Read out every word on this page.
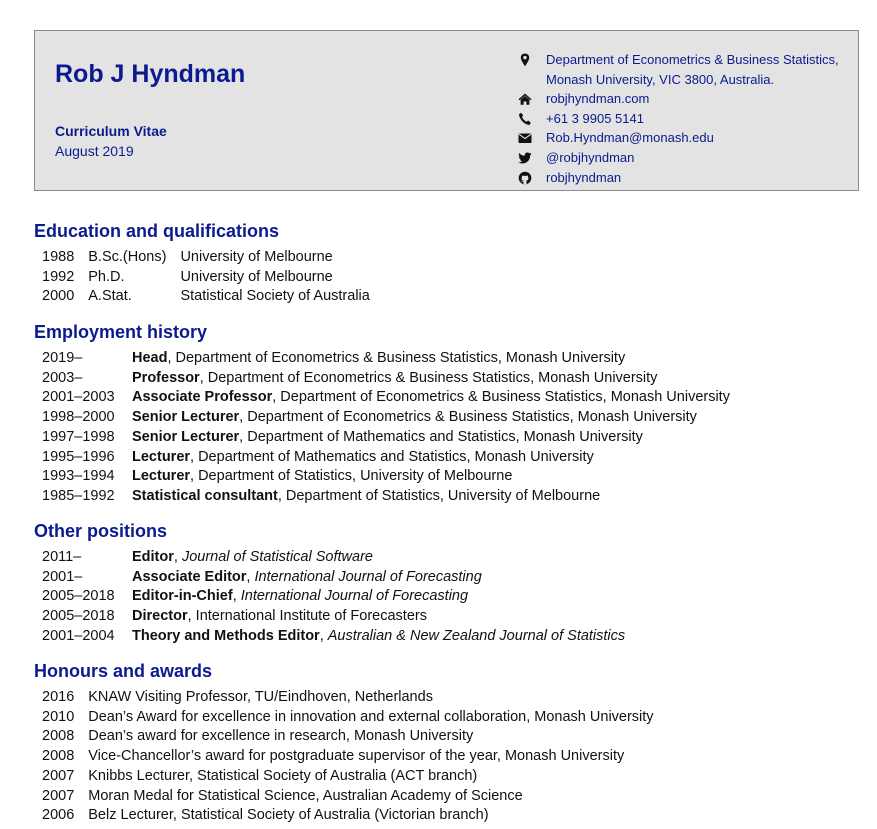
Rob J Hyndman
Curriculum Vitae
August 2019
Department of Econometrics & Business Statistics,
Monash University, VIC 3800, Australia.
robjhyndman.com
+61 3 9905 5141
Rob.Hyndman@monash.edu
@robjhyndman
robjhyndman
Education and qualifications
1988	B.Sc.(Hons)	University of Melbourne
1992	Ph.D.	University of Melbourne
2000	A.Stat.	Statistical Society of Australia
Employment history
2019–	Head, Department of Econometrics & Business Statistics, Monash University
2003–	Professor, Department of Econometrics & Business Statistics, Monash University
2001–2003	Associate Professor, Department of Econometrics & Business Statistics, Monash University
1998–2000	Senior Lecturer, Department of Econometrics & Business Statistics, Monash University
1997–1998	Senior Lecturer, Department of Mathematics and Statistics, Monash University
1995–1996	Lecturer, Department of Mathematics and Statistics, Monash University
1993–1994	Lecturer, Department of Statistics, University of Melbourne
1985–1992	Statistical consultant, Department of Statistics, University of Melbourne
Other positions
2011–	Editor, Journal of Statistical Software
2001–	Associate Editor, International Journal of Forecasting
2005–2018	Editor-in-Chief, International Journal of Forecasting
2005–2018	Director, International Institute of Forecasters
2001–2004	Theory and Methods Editor, Australian & New Zealand Journal of Statistics
Honours and awards
2016	KNAW Visiting Professor, TU/Eindhoven, Netherlands
2010	Dean’s Award for excellence in innovation and external collaboration, Monash University
2008	Dean’s award for excellence in research, Monash University
2008	Vice-Chancellor’s award for postgraduate supervisor of the year, Monash University
2007	Knibbs Lecturer, Statistical Society of Australia (ACT branch)
2007	Moran Medal for Statistical Science, Australian Academy of Science
2006	Belz Lecturer, Statistical Society of Australia (Victorian branch)
